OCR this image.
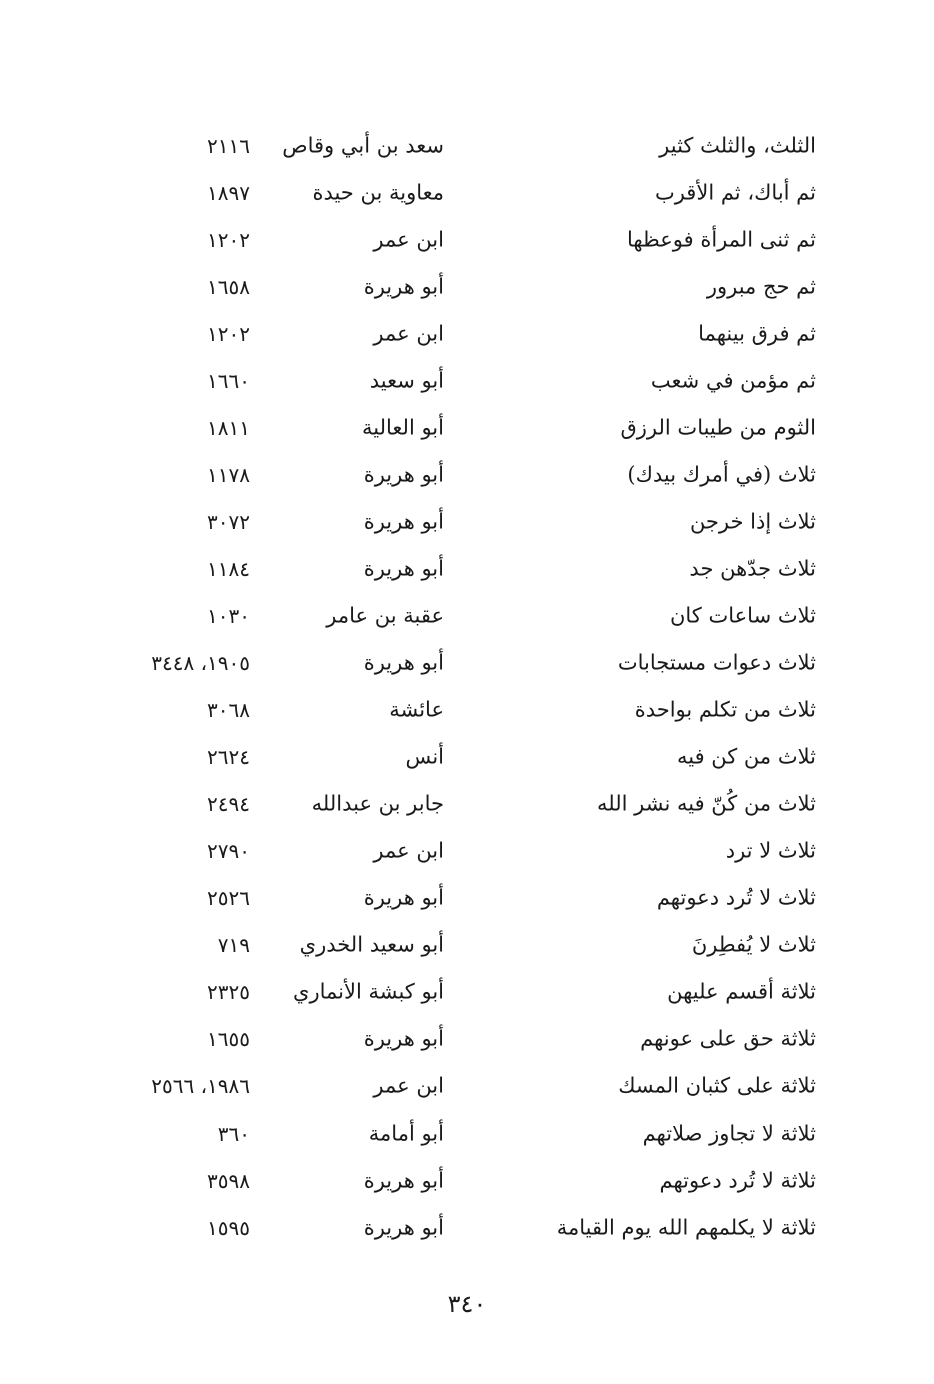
الثلث، والثلث كثير
سعد بن أبي وقاص
٢١١٦
ثم أباك، ثم الأقرب
معاوية بن حيدة
١٨٩٧
ثم ثنى المرأة فوعظها
ابن عمر
١٢٠٢
ثم حج مبرور
أبو هريرة
١٦٥٨
ثم فرق بينهما
ابن عمر
١٢٠٢
ثم مؤمن في شعب
أبو سعيد
١٦٦٠
الثوم من طيبات الرزق
أبو العالية
١٨١١
ثلاث (في أمرك بيدك)
أبو هريرة
١١٧٨
ثلاث إذا خرجن
أبو هريرة
٣٠٧٢
ثلاث جدّهن جد
أبو هريرة
١١٨٤
ثلاث ساعات كان
عقبة بن عامر
١٠٣٠
ثلاث دعوات مستجابات
أبو هريرة
١٩٠٥، ٣٤٤٨
ثلاث من تكلم بواحدة
عائشة
٣٠٦٨
ثلاث من كن فيه
أنس
٢٦٢٤
ثلاث من كُنّ فيه نشر الله
جابر بن عبدالله
٢٤٩٤
ثلاث لا ترد
ابن عمر
٢٧٩٠
ثلاث لا تُرد دعوتهم
أبو هريرة
٢٥٢٦
ثلاث لا يُفطِرنَ
أبو سعيد الخدري
٧١٩
ثلاثة أقسم عليهن
أبو كبشة الأنماري
٢٣٢٥
ثلاثة حق على عونهم
أبو هريرة
١٦٥٥
ثلاثة على كثبان المسك
ابن عمر
١٩٨٦، ٢٥٦٦
ثلاثة لا تجاوز صلاتهم
أبو أمامة
٣٦٠
ثلاثة لا تُرد دعوتهم
أبو هريرة
٣٥٩٨
ثلاثة لا يكلمهم الله يوم القيامة
أبو هريرة
١٥٩٥
٣٤٠
